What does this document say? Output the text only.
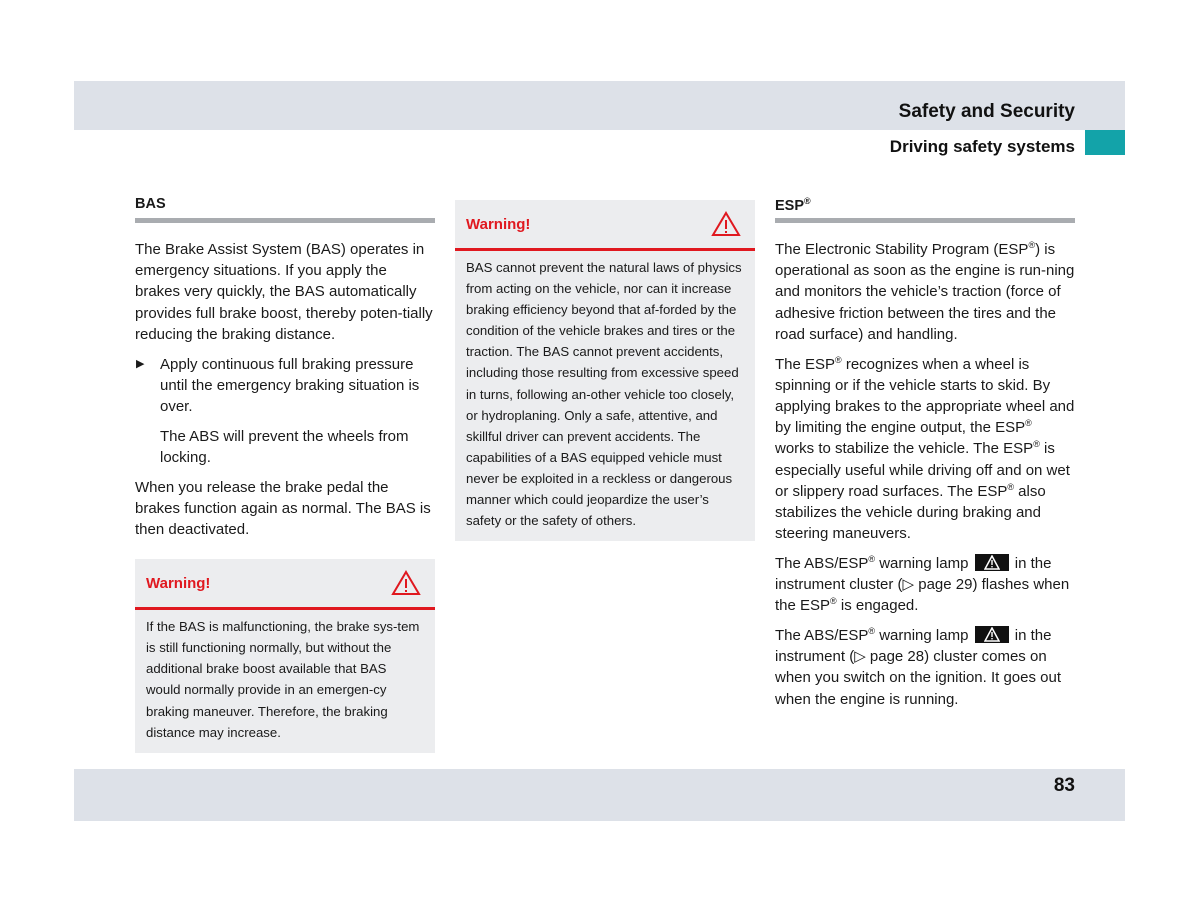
Safety and Security
Driving safety systems
BAS

The Brake Assist System (BAS) operates in emergency situations. If you apply the brakes very quickly, the BAS automatically provides full brake boost, thereby poten-tially reducing the braking distance.

▶ Apply continuous full braking pressure until the emergency braking situation is over.

The ABS will prevent the wheels from locking.

When you release the brake pedal the brakes function again as normal. The BAS is then deactivated.

Warning!
If the BAS is malfunctioning, the brake sys-tem is still functioning normally, but without the additional brake boost available that BAS would normally provide in an emergen-cy braking maneuver. Therefore, the braking distance may increase.
Warning!
BAS cannot prevent the natural laws of physics from acting on the vehicle, nor can it increase braking efficiency beyond that af-forded by the condition of the vehicle brakes and tires or the traction. The BAS cannot prevent accidents, including those resulting from excessive speed in turns, following an-other vehicle too closely, or hydroplaning. Only a safe, attentive, and skillful driver can prevent accidents. The capabilities of a BAS equipped vehicle must never be exploited in a reckless or dangerous manner which could jeopardize the user’s safety or the safety of others.
ESP®

The Electronic Stability Program (ESP®) is operational as soon as the engine is run-ning and monitors the vehicle’s traction (force of adhesive friction between the tires and the road surface) and handling.

The ESP® recognizes when a wheel is spinning or if the vehicle starts to skid. By applying brakes to the appropriate wheel and by limiting the engine output, the ESP® works to stabilize the vehicle. The ESP® is especially useful while driving off and on wet or slippery road surfaces. The ESP® also stabilizes the vehicle during braking and steering maneuvers.

The ABS/ESP® warning lamp	in the instrument cluster (▷ page 29) flashes when the ESP® is engaged.

The ABS/ESP® warning lamp	in the instrument (▷ page 28) cluster comes on when you switch on the ignition. It goes out when the engine is running.

83
